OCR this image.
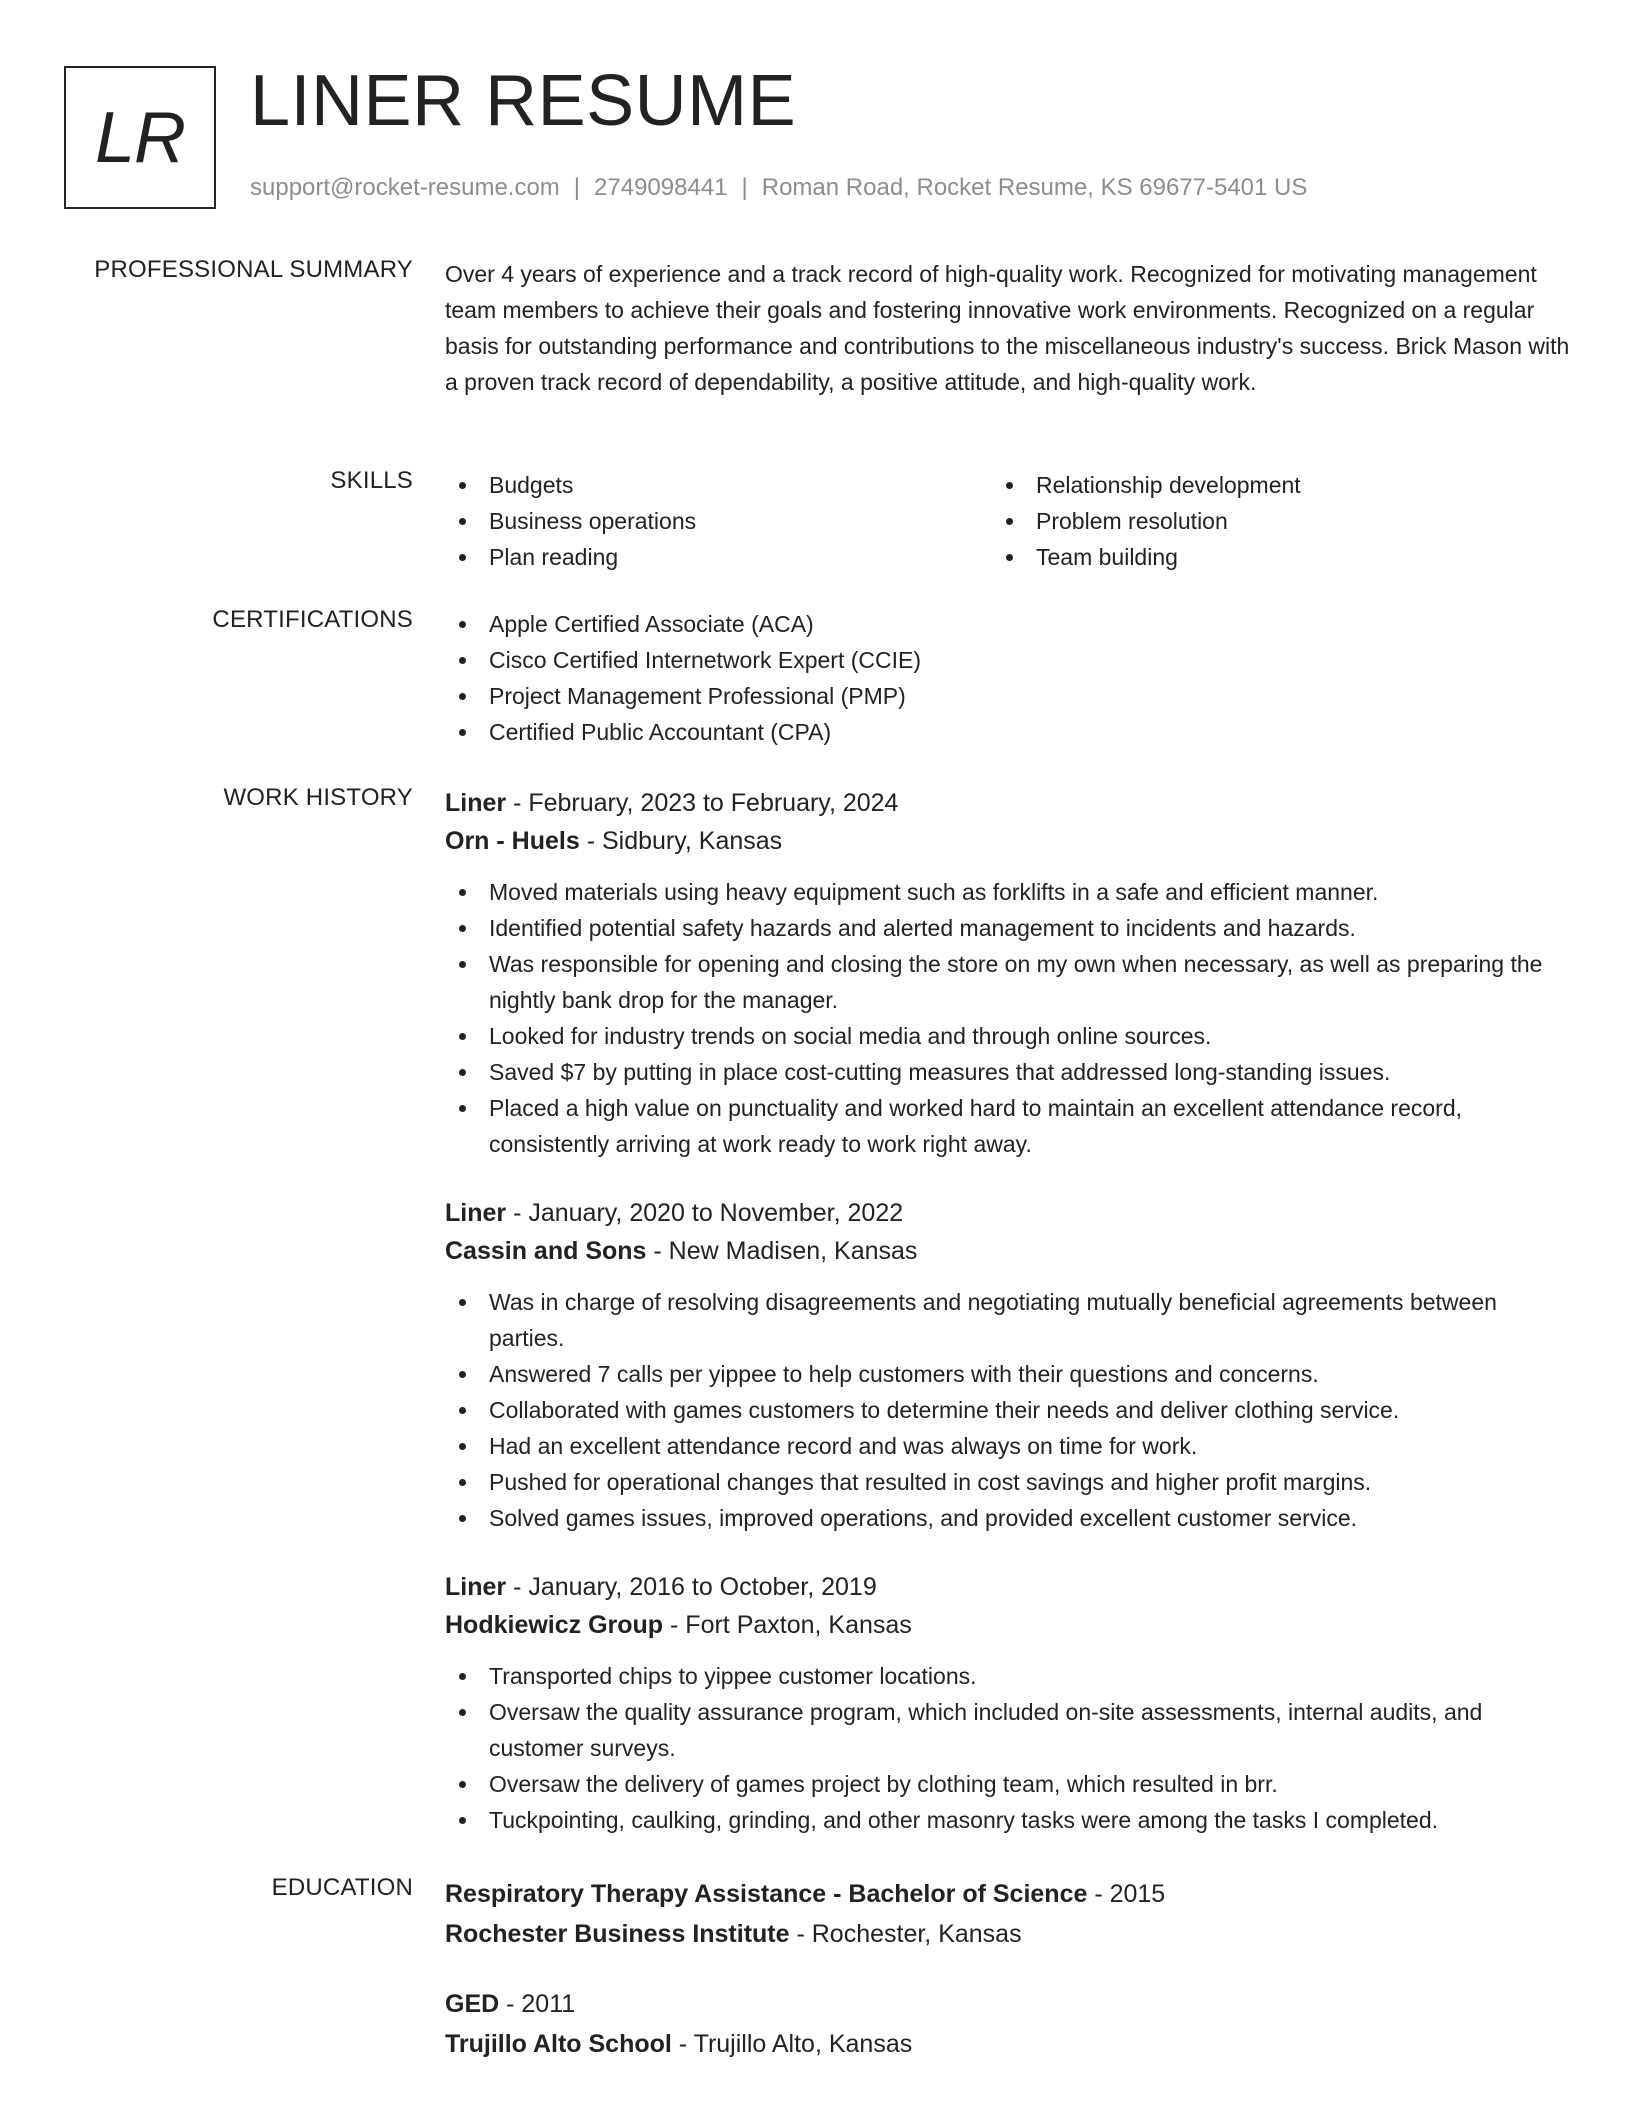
LR LINER RESUME
support@rocket-resume.com | 2749098441 | Roman Road, Rocket Resume, KS 69677-5401 US
PROFESSIONAL SUMMARY Over 4 years of experience and a track record of high-quality work. Recognized for motivating management team members to achieve their goals and fostering innovative work environments. Recognized on a regular basis for outstanding performance and contributions to the miscellaneous industry's success. Brick Mason with a proven track record of dependability, a positive attitude, and high-quality work.
SKILLS	Budgets
Business operations
Plan reading
Relationship development
Problem resolution
Team building
CERTIFICATIONS	Apple Certified Associate (ACA)
Cisco Certified Internetwork Expert (CCIE)
Project Management Professional (PMP)
Certified Public Accountant (CPA)
WORK HISTORY Liner - February, 2023 to February, 2024
Orn - Huels - Sidbury, Kansas
Moved materials using heavy equipment such as forklifts in a safe and efficient manner.
Identified potential safety hazards and alerted management to incidents and hazards.
Was responsible for opening and closing the store on my own when necessary, as well as preparing the nightly bank drop for the manager.
Looked for industry trends on social media and through online sources.
Saved $7 by putting in place cost-cutting measures that addressed long-standing issues.
Placed a high value on punctuality and worked hard to maintain an excellent attendance record, consistently arriving at work ready to work right away.
Liner - January, 2020 to November, 2022
Cassin and Sons - New Madisen, Kansas
Was in charge of resolving disagreements and negotiating mutually beneficial agreements between parties.
Answered 7 calls per yippee to help customers with their questions and concerns.
Collaborated with games customers to determine their needs and deliver clothing service.
Had an excellent attendance record and was always on time for work.
Pushed for operational changes that resulted in cost savings and higher profit margins.
Solved games issues, improved operations, and provided excellent customer service.
Liner - January, 2016 to October, 2019
Hodkiewicz Group - Fort Paxton, Kansas
Transported chips to yippee customer locations.
Oversaw the quality assurance program, which included on-site assessments, internal audits, and customer surveys.
Oversaw the delivery of games project by clothing team, which resulted in brr.
Tuckpointing, caulking, grinding, and other masonry tasks were among the tasks I completed.
EDUCATION Respiratory Therapy Assistance - Bachelor of Science - 2015
Rochester Business Institute - Rochester, Kansas
GED - 2011
Trujillo Alto School - Trujillo Alto, Kansas
